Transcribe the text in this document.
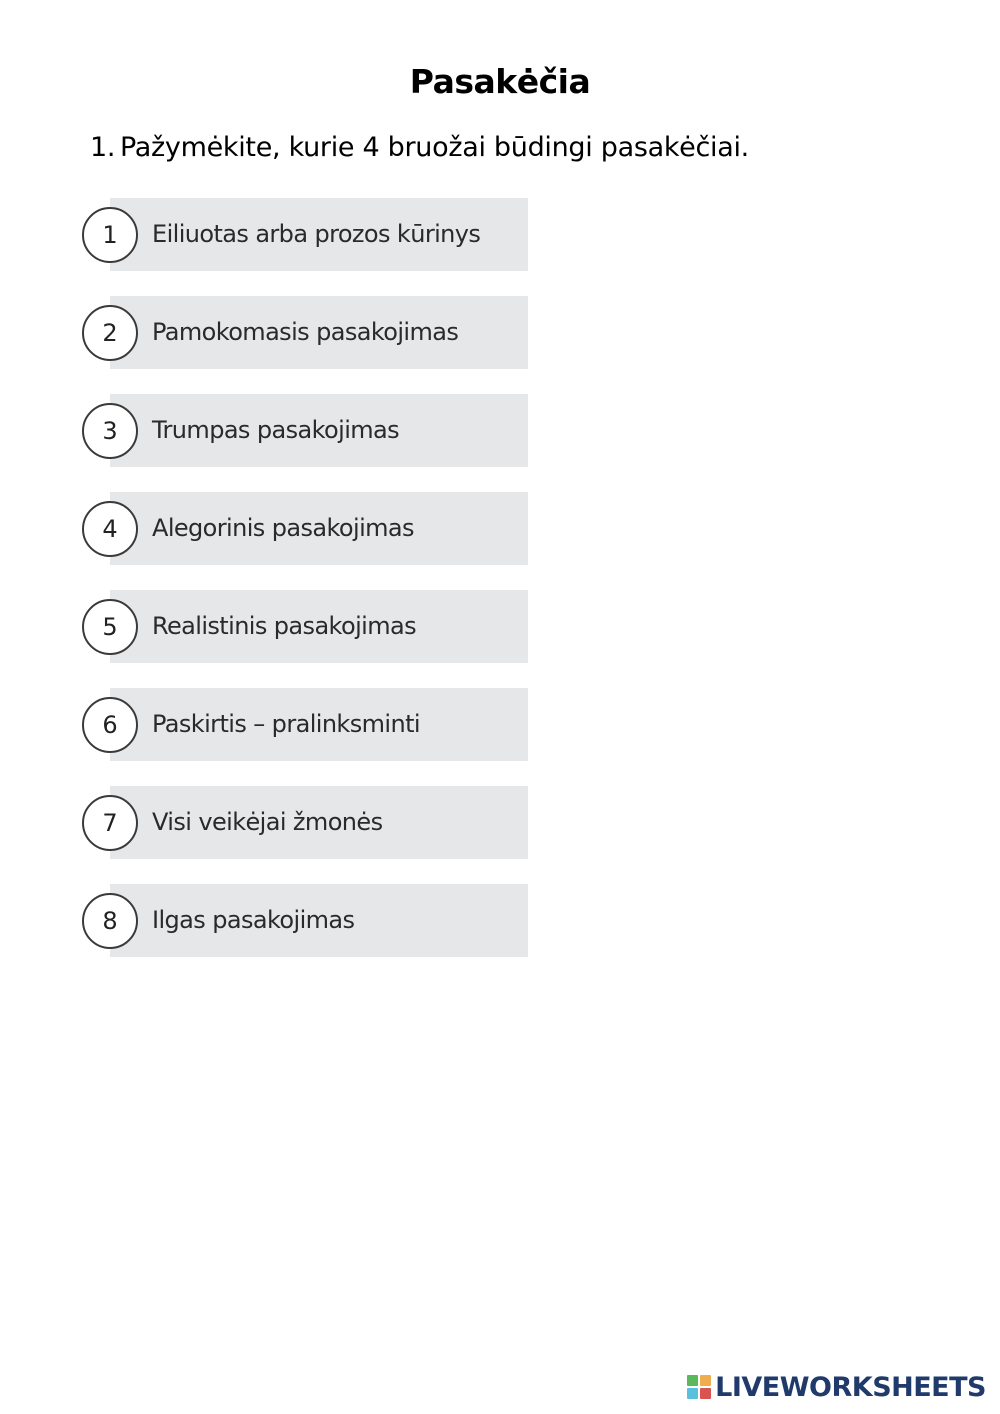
Pasakėčia
1. Pažymėkite, kurie 4 bruožai būdingi pasakėčiai.
1	Eiliuotas arba prozos kūrinys
2	Pamokomasis pasakojimas
3	Trumpas pasakojimas
4	Alegorinis pasakojimas
5	Realistinis pasakojimas
6	Paskirtis – pralinksminti
7	Visi veikėjai žmonės
8	Ilgas pasakojimas
LIVEWORKSHEETS
